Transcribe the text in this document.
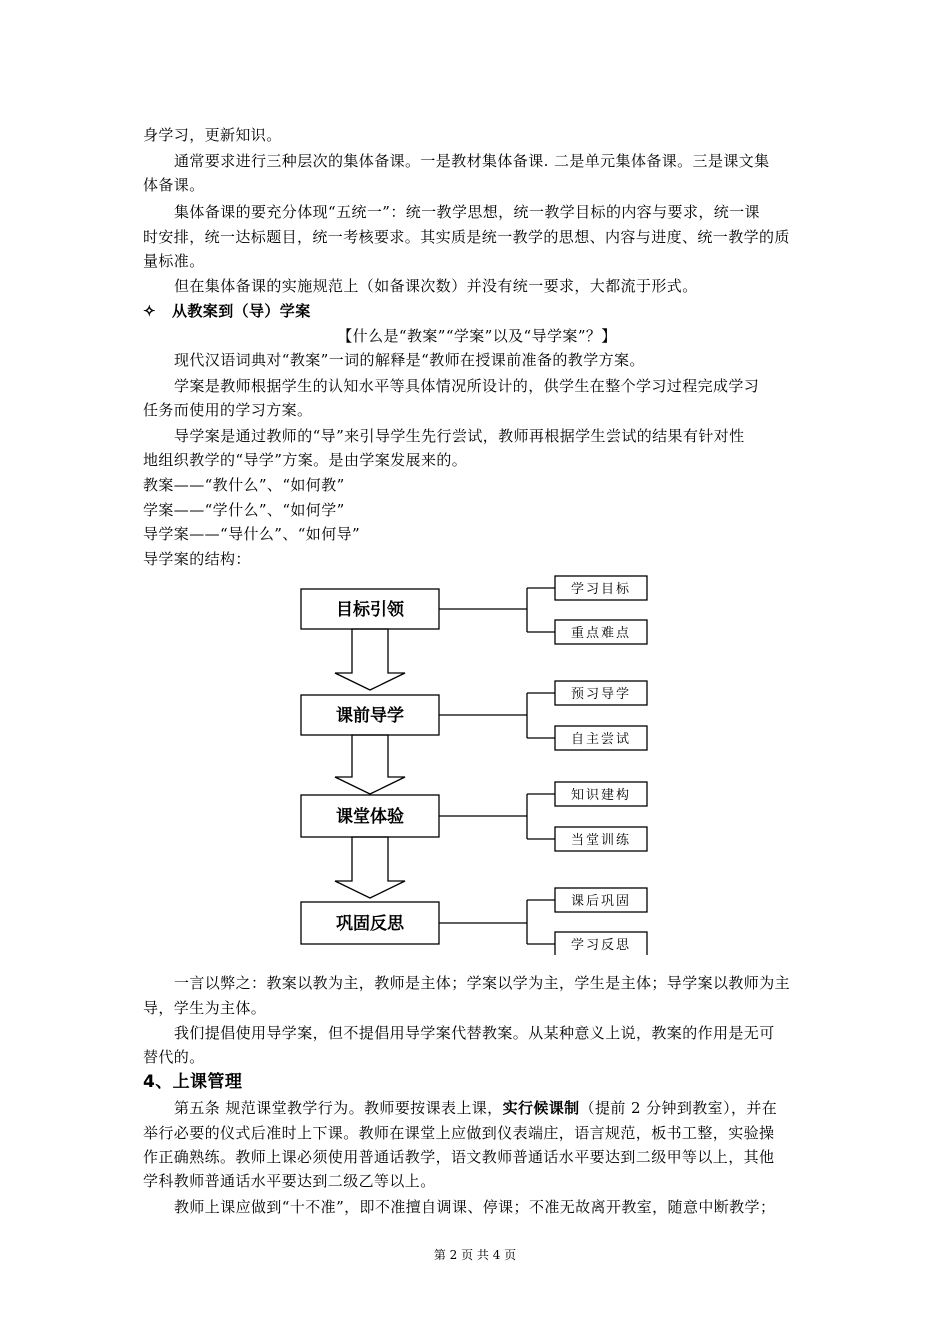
身学习，更新知识。
通常要求进行三种层次的集体备课。一是教材集体备课. 二是单元集体备课。三是课文集
体备课。
集体备课的要充分体现“五统一”：统一教学思想，统一教学目标的内容与要求，统一课
时安排，统一达标题目，统一考核要求。其实质是统一教学的思想、内容与进度、统一教学的质
量标准。
但在集体备课的实施规范上（如备课次数）并没有统一要求，大都流于形式。
✧	从教案到（导）学案
【什么是“教案”“学案”以及“导学案”？】
现代汉语词典对“教案”一词的解释是“教师在授课前准备的教学方案。
学案是教师根据学生的认知水平等具体情况所设计的，供学生在整个学习过程完成学习
任务而使用的学习方案。
导学案是通过教师的“导”来引导学生先行尝试，教师再根据学生尝试的结果有针对性
地组织教学的“导学”方案。是由学案发展来的。
教案——“教什么”、“如何教”
学案——“学什么”、“如何学”
导学案——“导什么”、“如何导”
导学案的结构：
目标引领
课前导学
课堂体验
巩固反思
学习目标
重点难点
预习导学
自主尝试
知识建构
当堂训练
课后巩固
学习反思
一言以弊之：教案以教为主，教师是主体；学案以学为主，学生是主体；导学案以教师为主
导，学生为主体。
我们提倡使用导学案，但不提倡用导学案代替教案。从某种意义上说，教案的作用是无可
替代的。
4、上课管理
第五条 规范课堂教学行为。教师要按课表上课，实行候课制（提前 2 分钟到教室），并在
举行必要的仪式后准时上下课。教师在课堂上应做到仪表端庄，语言规范，板书工整，实验操
作正确熟练。教师上课必须使用普通话教学，语文教师普通话水平要达到二级甲等以上，其他
学科教师普通话水平要达到二级乙等以上。
教师上课应做到“十不准”，即不准擅自调课、停课；不准无故离开教室，随意中断教学；
第 2 页 共 4 页
